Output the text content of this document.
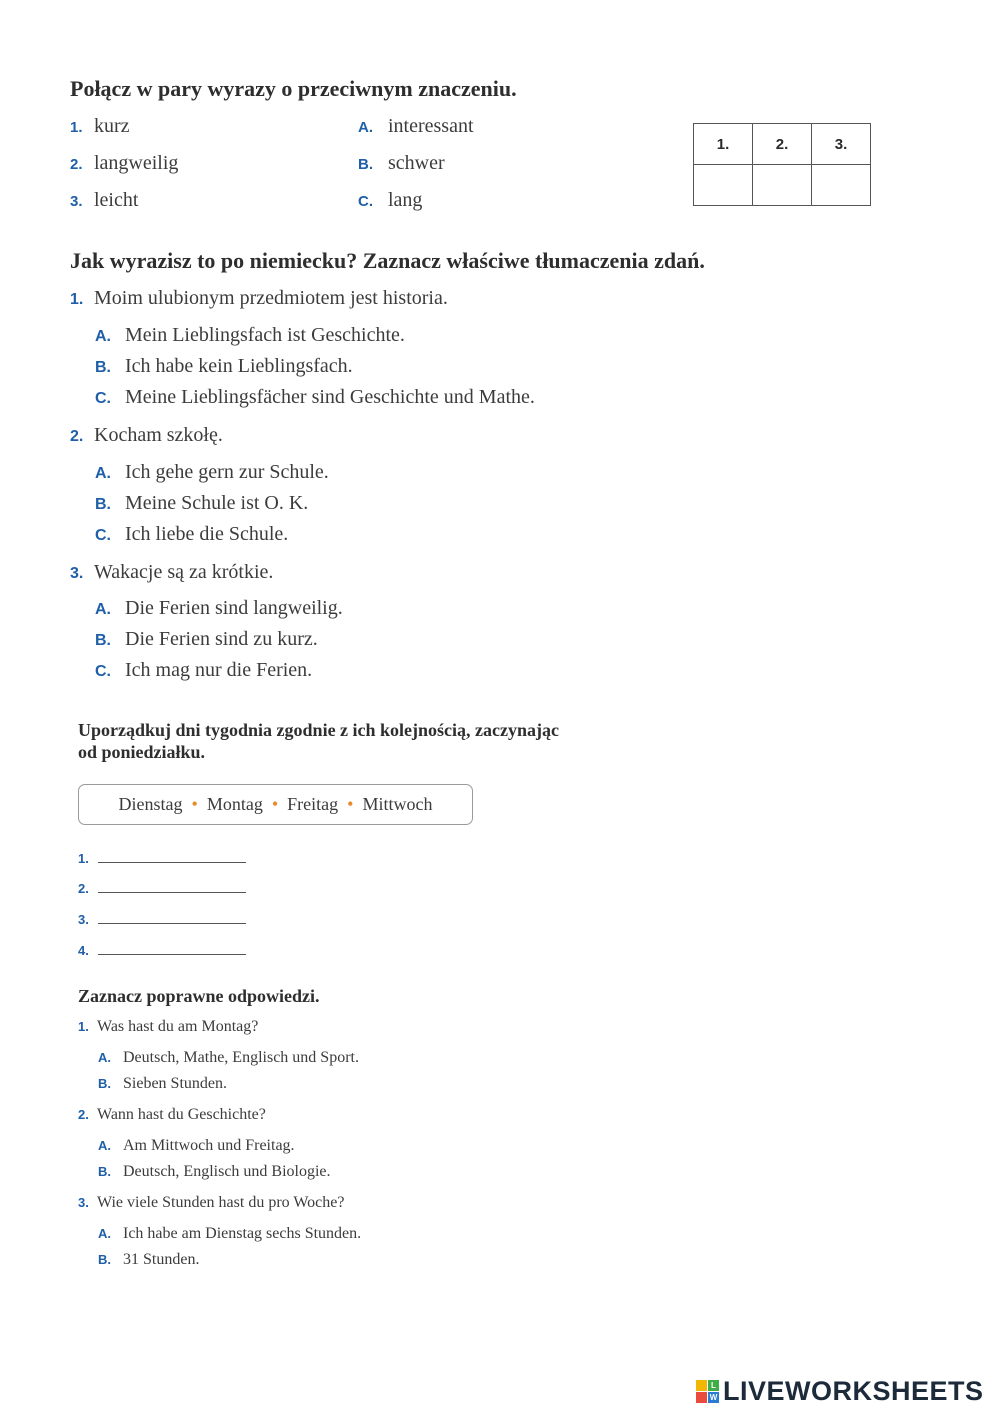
Połącz w pary wyrazy o przeciwnym znaczeniu.
1. kurz
2. langweilig
3. leicht
A. interessant
B. schwer
C. lang
1.	2.	3.

Jak wyrazisz to po niemiecku? Zaznacz właściwe tłumaczenia zdań.
1. Moim ulubionym przedmiotem jest historia.
A. Mein Lieblingsfach ist Geschichte.
B. Ich habe kein Lieblingsfach.
C. Meine Lieblingsfächer sind Geschichte und Mathe.
2. Kocham szkołę.
A. Ich gehe gern zur Schule.
B. Meine Schule ist O. K.
C. Ich liebe die Schule.
3. Wakacje są za krótkie.
A. Die Ferien sind langweilig.
B. Die Ferien sind zu kurz.
C. Ich mag nur die Ferien.
Uporządkuj dni tygodnia zgodnie z ich kolejnością, zaczynając
od poniedziałku.
Dienstag • Montag • Freitag • Mittwoch
1.
2.
3.
4.
Zaznacz poprawne odpowiedzi.
1. Was hast du am Montag?
A. Deutsch, Mathe, Englisch und Sport.
B. Sieben Stunden.
2. Wann hast du Geschichte?
A. Am Mittwoch und Freitag.
B. Deutsch, Englisch und Biologie.
3. Wie viele Stunden hast du pro Woche?
A. Ich habe am Dienstag sechs Stunden.
B. 31 Stunden.
L
W LIVEWORKSHEETS
